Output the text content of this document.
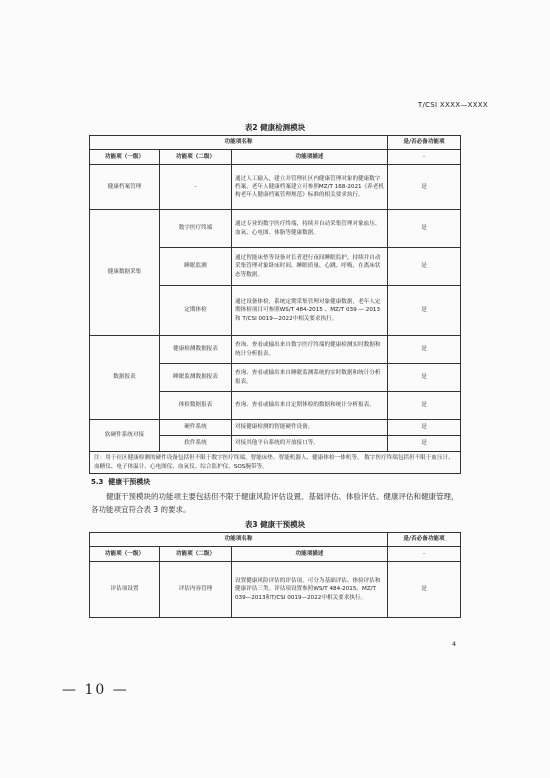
T/CSI XXXX—XXXX
表2 健康检测模块
功能项名称			是/否必备功能项
功能项（一级）	功能项（二级）	功能项描述	-
健康档案管理	-	通过人工输入，建立并管理社区内健康管理对象的健康数字档案，老年人健康档案建立可参照MZ/T 168-2021《养老机构老年人健康档案管理规范》标准的相关要求执行。	是
健康数据采集	数字医疗终端	通过专业的数字医疗终端，持续并自动采集管理对象血压、血氧、心电图、体脂等健康数据。	是
	睡眠监测	通过智能床垫等设备对长者进行夜间睡眠监护，持续并自动采集管理对象卧床时间、睡眠质量、心跳、呼吸，在离床状态等数据。	是
	定期体检	通过设备体检，系统定期采集管理对象健康数据，老年人定期体检项目可参照WS/T 484-2015 、MZ/T 039 — 2013 和 T/CSI 0019—2022中相关要求执行。	是
数据报表	健康检测数据报表	查询、查看或输出来自数字医疗终端的健康检测实时数据和统计分析报表。	是
	睡眠监测数据报表	查询、查看或输出来自睡眠监测系统的实时数据和统计分析报表。	是
	体检数据报表	查询、查看或输出来自定期体检的数据和统计分析报表。	是
软硬件系统对接	硬件系统	对接健康检测的智能硬件设备。	是
	软件系统	对接其他平台系统的开放接口等。	是
注：用于社区健康检测的硬件设备包括但不限于数字医疗终端、智能床垫、智能机器人、健康体检一体机等。 数字医疗终端包括但不限于血压计、血糖仪、电子体温计、心电图仪、血氧仪、综合监护仪、SOS腕带等。			
5.3 健康干预模块
健康干预模块的功能项主要包括但不限于健康风险评估设置、基础评估、体验评估、健康评估和健康管理，各功能项宜符合表 3 的要求。
表3 健康干预模块
功能项名称			是/否必备功能项
功能项（一级）	功能项（二级）	功能项描述	-
评估项设置	评估内容管理	设置健康风险评估的评估项，可分为基础评估、体验评估和健康评估三类。评估项设置参照WS/T 484-2015、MZ/T 039—2013和T/CSI 0019—2022中相关要求执行。	是
4
— 10 —
